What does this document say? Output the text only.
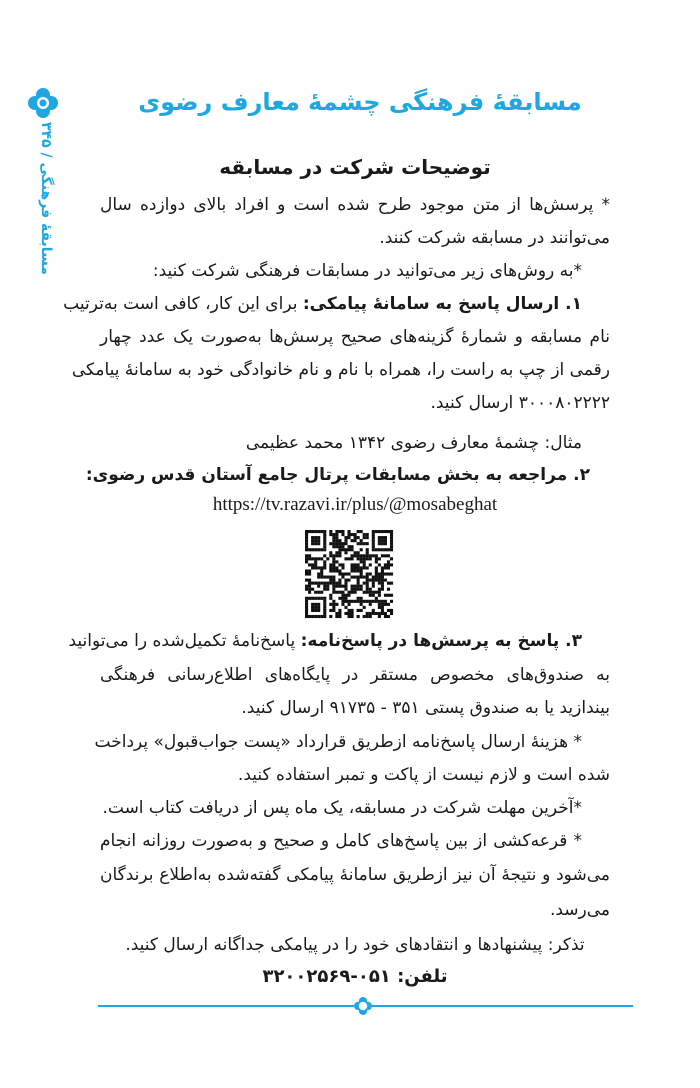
مسابقهٔ فرهنگی / ۳۴۵
مسابقهٔ فرهنگی چشمهٔ معارف رضوی
توضیحات شرکت در مسابقه
* پرسش‌ها از متن موجود طرح شده است و افراد بالای دوازده سال
می‌توانند در مسابقه شرکت کنند.
*به روش‌های زیر می‌توانید در مسابقات فرهنگی شرکت کنید:
۱. ارسال پاسخ به سامانهٔ پیامکی: برای این کار، کافی است به‌ترتیب
نام مسابقه و شمارهٔ گزینه‌های صحیح پرسش‌ها به‌صورت یک عدد چهار
رقمی از چپ به راست را، همراه با نام و نام خانوادگی خود به سامانهٔ پیامکی
۳۰۰۰۸۰۲۲۲۲ ارسال کنید.
مثال: چشمهٔ معارف رضوی ۱۳۴۲ محمد عظیمی
۲. مراجعه به بخش مسابقات پرتال جامع آستان قدس رضوی:
https://tv.razavi.ir/plus/@mosabeghat
۳. پاسخ به پرسش‌ها در پاسخ‌نامه: پاسخ‌نامهٔ تکمیل‌شده را می‌توانید
به صندوق‌های مخصوص مستقر در پایگاه‌های اطلاع‌رسانی فرهنگی
بیندازید یا به صندوق پستی ۳۵۱ - ۹۱۷۳۵ ارسال کنید.
* هزینهٔ ارسال پاسخ‌نامه ازطریق قرارداد «پست جواب‌قبول» پرداخت
شده است و لازم نیست از پاکت و تمبر استفاده کنید.
*آخرین مهلت شرکت در مسابقه، یک ماه پس از دریافت کتاب است.
* قرعه‌کشی از بین پاسخ‌های کامل و صحیح و به‌صورت روزانه انجام
می‌شود و نتیجهٔ آن نیز ازطریق سامانهٔ پیامکی گفته‌شده به‌اطلاع برندگان
می‌رسد.
تذکر: پیشنهادها و انتقادهای خود را در پیامکی جداگانه ارسال کنید.
تلفن: ۰۵۱-۳۲۰۰۲۵۶۹
